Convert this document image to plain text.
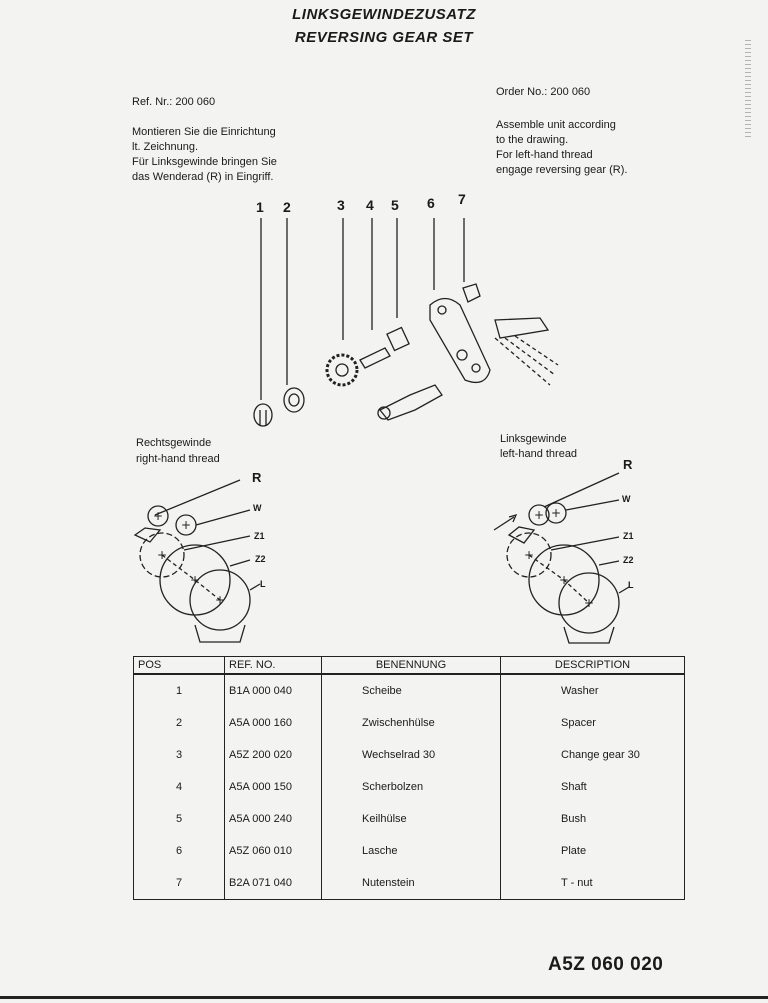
LINKSGEWINDEZUSATZ
REVERSING GEAR SET
Ref. Nr.: 200 060
Montieren Sie die Einrichtung
lt. Zeichnung.
Für Linksgewinde bringen Sie
das Wenderad (R) in Eingriff.
Order No.: 200 060
Assemble unit according
to the drawing.
For left-hand thread
engage reversing gear (R).
1 2	3 4 5 6 7
Rechtsgewinde
right-hand thread
Linksgewinde
left-hand thread
+
+
+
+
+
R
W
Z1
Z2
L
+ +
+
+
+
R
W
Z1
Z2
L
POS	REF. NO.	BENENNUNG	DESCRIPTION
1	B1A 000 040	Scheibe	Washer
2	A5A 000 160	Zwischenhülse	Spacer
3	A5Z 200 020	Wechselrad 30	Change gear 30
4	A5A 000 150	Scherbolzen	Shaft
5	A5A 000 240	Keilhülse	Bush
6	A5Z 060 010	Lasche	Plate
7	B2A 071 040	Nutenstein	T - nut
A5Z 060 020
